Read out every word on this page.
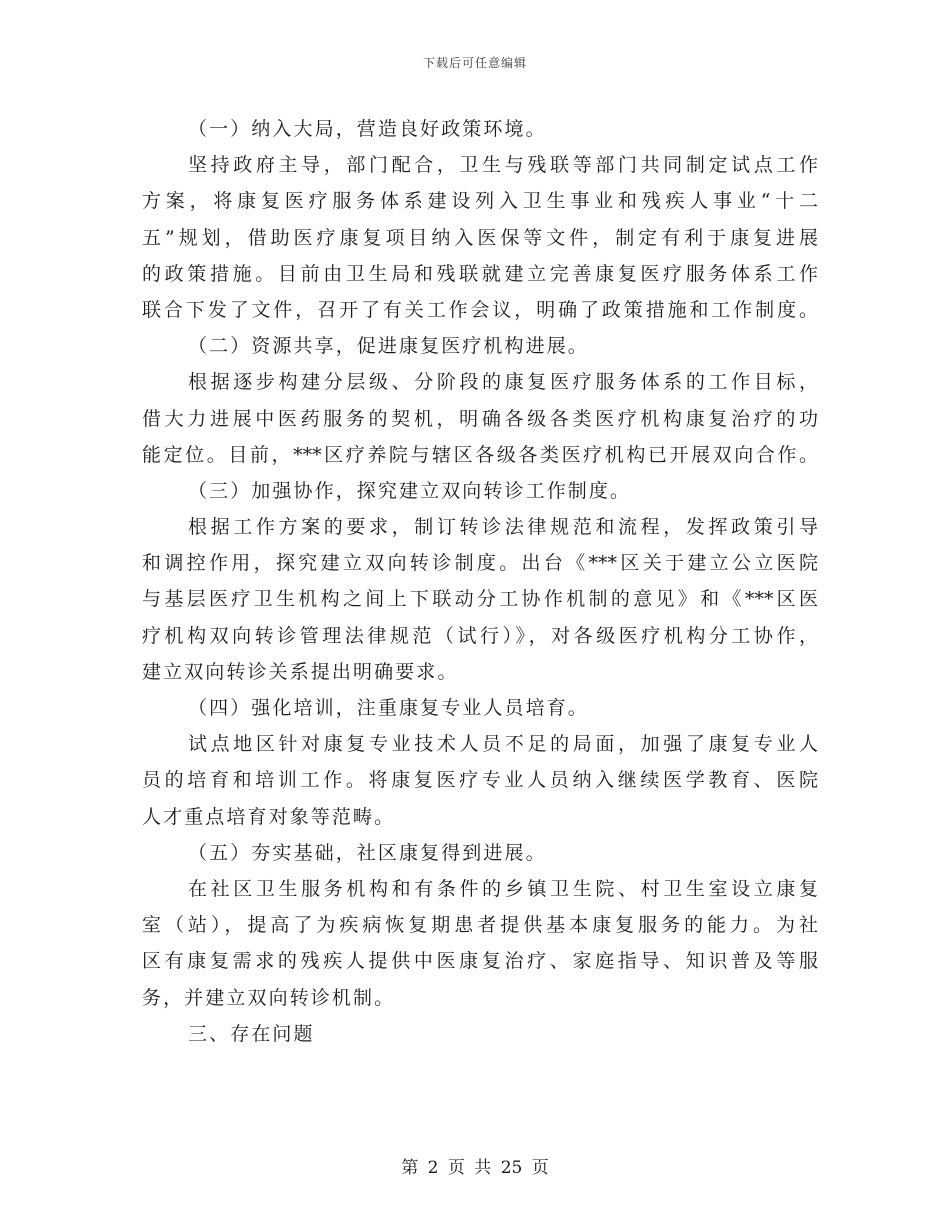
下载后可任意编辑
（一）纳入大局，营造良好政策环境。
坚持政府主导，部门配合，卫生与残联等部门共同制定试点工作
方案，将康复医疗服务体系建设列入卫生事业和残疾人事业“十二
五”规划，借助医疗康复项目纳入医保等文件，制定有利于康复进展
的政策措施。目前由卫生局和残联就建立完善康复医疗服务体系工作
联合下发了文件，召开了有关工作会议，明确了政策措施和工作制度。
（二）资源共享，促进康复医疗机构进展。
根据逐步构建分层级、分阶段的康复医疗服务体系的工作目标，
借大力进展中医药服务的契机，明确各级各类医疗机构康复治疗的功
能定位。目前，***区疗养院与辖区各级各类医疗机构已开展双向合作。
（三）加强协作，探究建立双向转诊工作制度。
根据工作方案的要求，制订转诊法律规范和流程，发挥政策引导
和调控作用，探究建立双向转诊制度。出台《***区关于建立公立医院
与基层医疗卫生机构之间上下联动分工协作机制的意见》和《***区医
疗机构双向转诊管理法律规范（试行）》，对各级医疗机构分工协作，
建立双向转诊关系提出明确要求。
（四）强化培训，注重康复专业人员培育。
试点地区针对康复专业技术人员不足的局面，加强了康复专业人
员的培育和培训工作。将康复医疗专业人员纳入继续医学教育、医院
人才重点培育对象等范畴。
（五）夯实基础，社区康复得到进展。
在社区卫生服务机构和有条件的乡镇卫生院、村卫生室设立康复
室（站），提高了为疾病恢复期患者提供基本康复服务的能力。为社
区有康复需求的残疾人提供中医康复治疗、家庭指导、知识普及等服
务，并建立双向转诊机制。
三、存在问题
第 2 页 共 25 页
